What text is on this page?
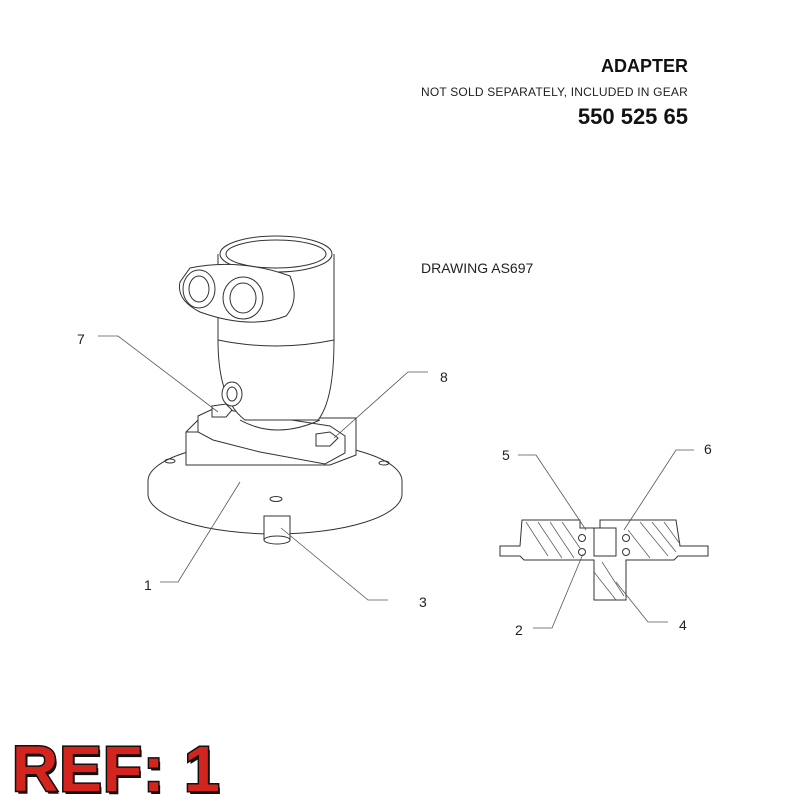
ADAPTER
NOT SOLD SEPARATELY, INCLUDED IN GEAR
550 525 65
DRAWING AS697
7
8
1
3
5	6
2	4
REF: 1
